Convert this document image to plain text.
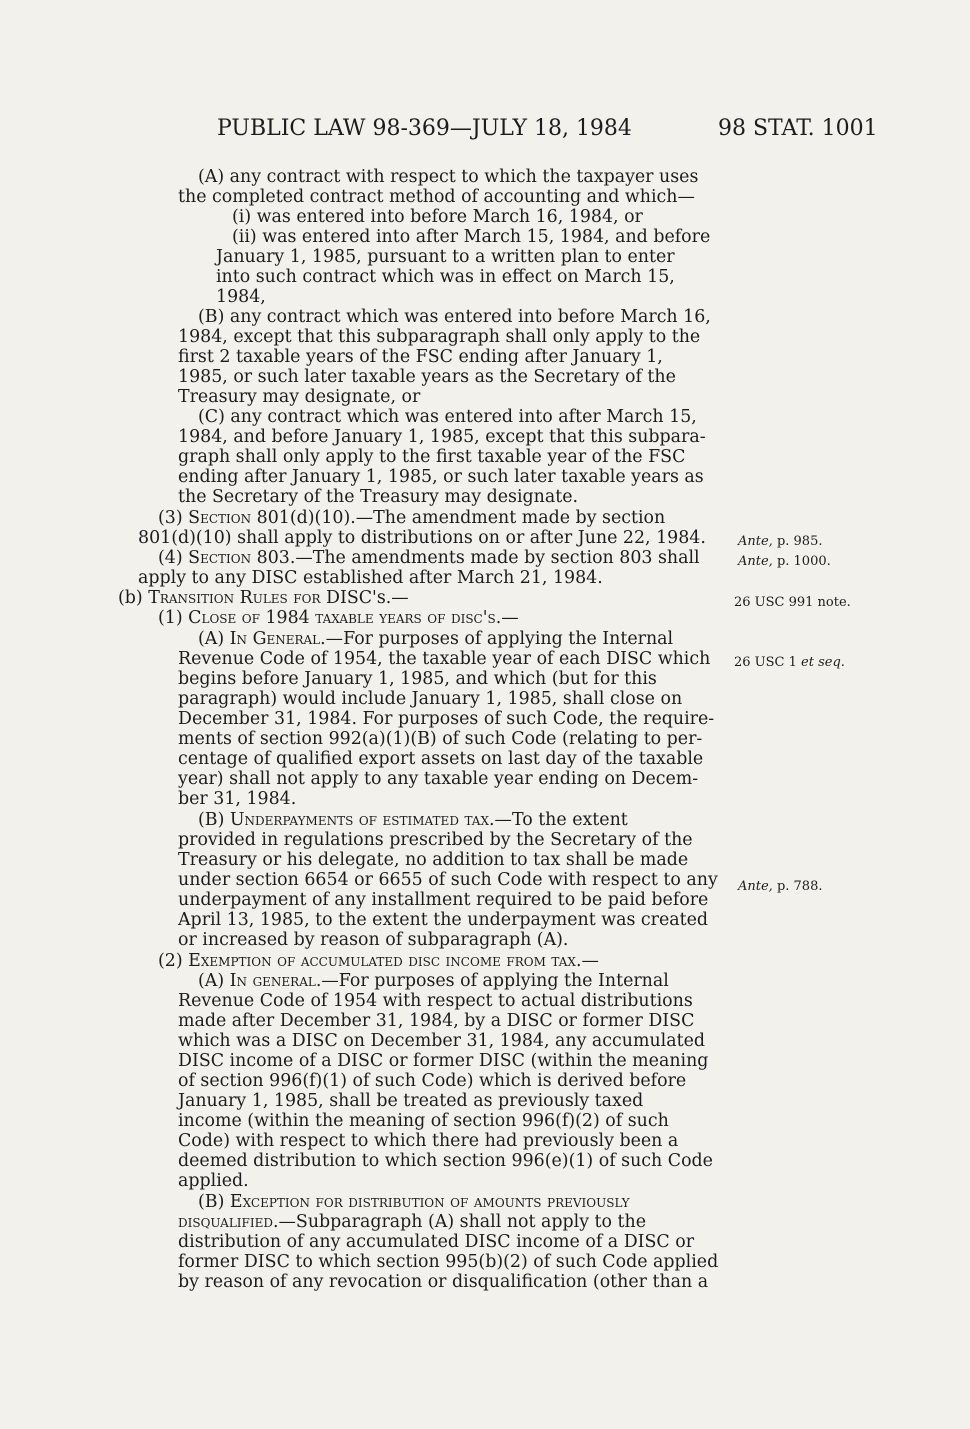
PUBLIC LAW 98-369—JULY 18, 1984	98 STAT. 1001
(A) any contract with respect to which the taxpayer uses
the completed contract method of accounting and which—
(i) was entered into before March 16, 1984, or
(ii) was entered into after March 15, 1984, and before
January 1, 1985, pursuant to a written plan to enter
into such contract which was in effect on March 15,
1984,
(B) any contract which was entered into before March 16,
1984, except that this subparagraph shall only apply to the
first 2 taxable years of the FSC ending after January 1,
1985, or such later taxable years as the Secretary of the
Treasury may designate, or
(C) any contract which was entered into after March 15,
1984, and before January 1, 1985, except that this subpara-
graph shall only apply to the first taxable year of the FSC
ending after January 1, 1985, or such later taxable years as
the Secretary of the Treasury may designate.
(3) Section 801(d)(10).—The amendment made by section
801(d)(10) shall apply to distributions on or after June 22, 1984.
(4) Section 803.—The amendments made by section 803 shall
apply to any DISC established after March 21, 1984.
(b) Transition Rules for DISC's.—
(1) Close of 1984 taxable years of disc's.—
(A) In General.—For purposes of applying the Internal
Revenue Code of 1954, the taxable year of each DISC which
begins before January 1, 1985, and which (but for this
paragraph) would include January 1, 1985, shall close on
December 31, 1984. For purposes of such Code, the require-
ments of section 992(a)(1)(B) of such Code (relating to per-
centage of qualified export assets on last day of the taxable
year) shall not apply to any taxable year ending on Decem-
ber 31, 1984.
(B) Underpayments of estimated tax.—To the extent
provided in regulations prescribed by the Secretary of the
Treasury or his delegate, no addition to tax shall be made
under section 6654 or 6655 of such Code with respect to any
underpayment of any installment required to be paid before
April 13, 1985, to the extent the underpayment was created
or increased by reason of subparagraph (A).
(2) Exemption of accumulated disc income from tax.—
(A) In general.—For purposes of applying the Internal
Revenue Code of 1954 with respect to actual distributions
made after December 31, 1984, by a DISC or former DISC
which was a DISC on December 31, 1984, any accumulated
DISC income of a DISC or former DISC (within the meaning
of section 996(f)(1) of such Code) which is derived before
January 1, 1985, shall be treated as previously taxed
income (within the meaning of section 996(f)(2) of such
Code) with respect to which there had previously been a
deemed distribution to which section 996(e)(1) of such Code
applied.
(B) Exception for distribution of amounts previously
disqualified.—Subparagraph (A) shall not apply to the
distribution of any accumulated DISC income of a DISC or
former DISC to which section 995(b)(2) of such Code applied
by reason of any revocation or disqualification (other than a
Ante, p. 985.
Ante, p. 1000.
26 USC 991 note.
26 USC 1 et seq.
Ante, p. 788.
